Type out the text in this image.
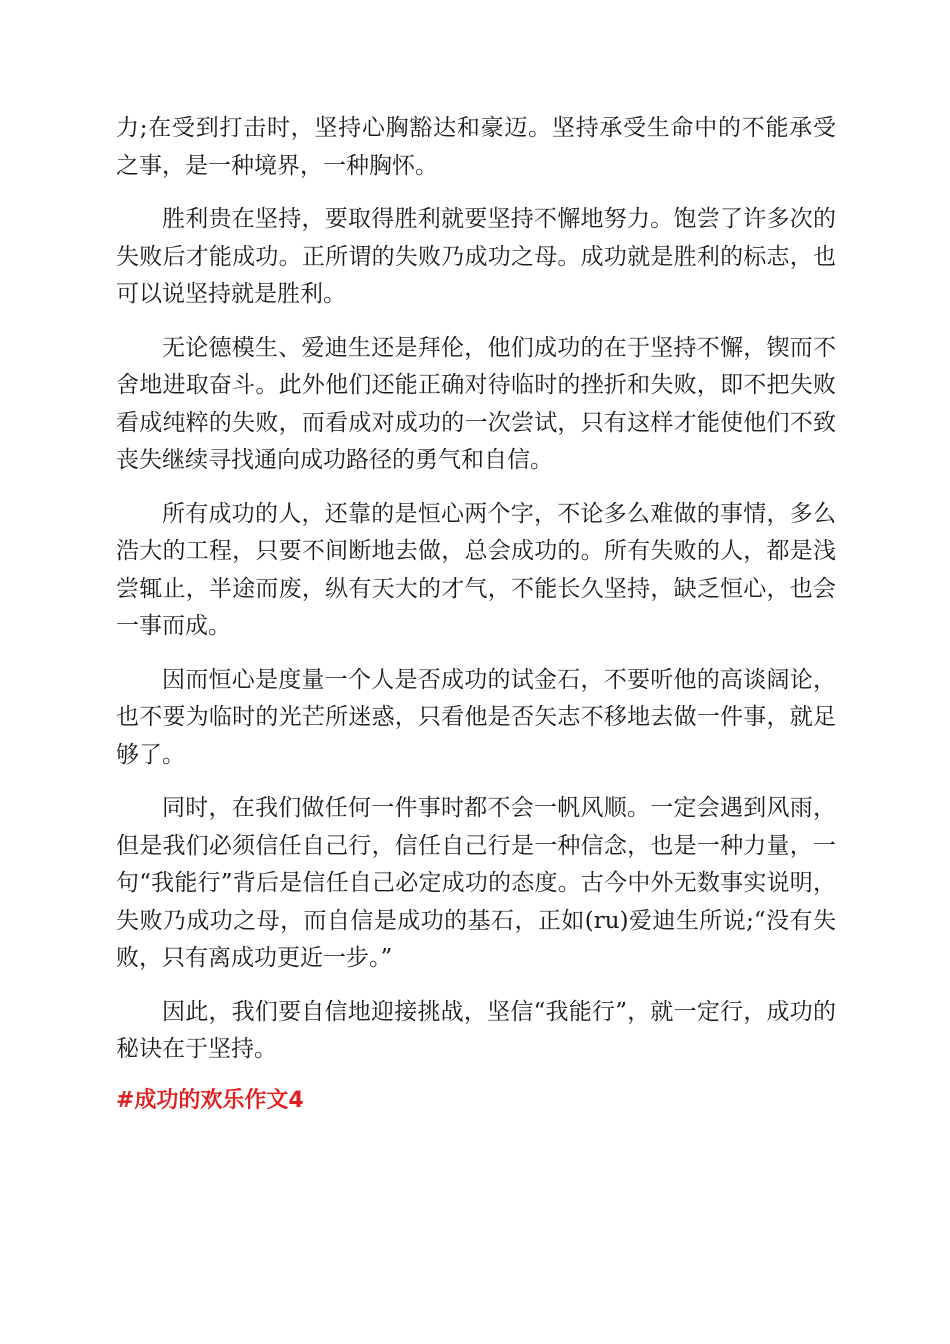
力;在受到打击时，坚持心胸豁达和豪迈。坚持承受生命中的不能承受之事，是一种境界，一种胸怀。

胜利贵在坚持，要取得胜利就要坚持不懈地努力。饱尝了许多次的失败后才能成功。正所谓的失败乃成功之母。成功就是胜利的标志，也可以说坚持就是胜利。

无论德模生、爱迪生还是拜伦，他们成功的在于坚持不懈，锲而不舍地进取奋斗。此外他们还能正确对待临时的挫折和失败，即不把失败看成纯粹的失败，而看成对成功的一次尝试，只有这样才能使他们不致丧失继续寻找通向成功路径的勇气和自信。

所有成功的人，还靠的是恒心两个字，不论多么难做的事情，多么浩大的工程，只要不间断地去做，总会成功的。所有失败的人，都是浅尝辄止，半途而废，纵有天大的才气，不能长久坚持，缺乏恒心，也会一事而成。

因而恒心是度量一个人是否成功的试金石，不要听他的高谈阔论，也不要为临时的光芒所迷惑，只看他是否矢志不移地去做一件事，就足够了。

同时，在我们做任何一件事时都不会一帆风顺。一定会遇到风雨，但是我们必须信任自己行，信任自己行是一种信念，也是一种力量，一句“我能行”背后是信任自己必定成功的态度。古今中外无数事实说明，失败乃成功之母，而自信是成功的基石，正如(ru)爱迪生所说;“没有失败，只有离成功更近一步。”

因此，我们要自信地迎接挑战，坚信“我能行”，就一定行，成功的秘诀在于坚持。

#成功的欢乐作文4
